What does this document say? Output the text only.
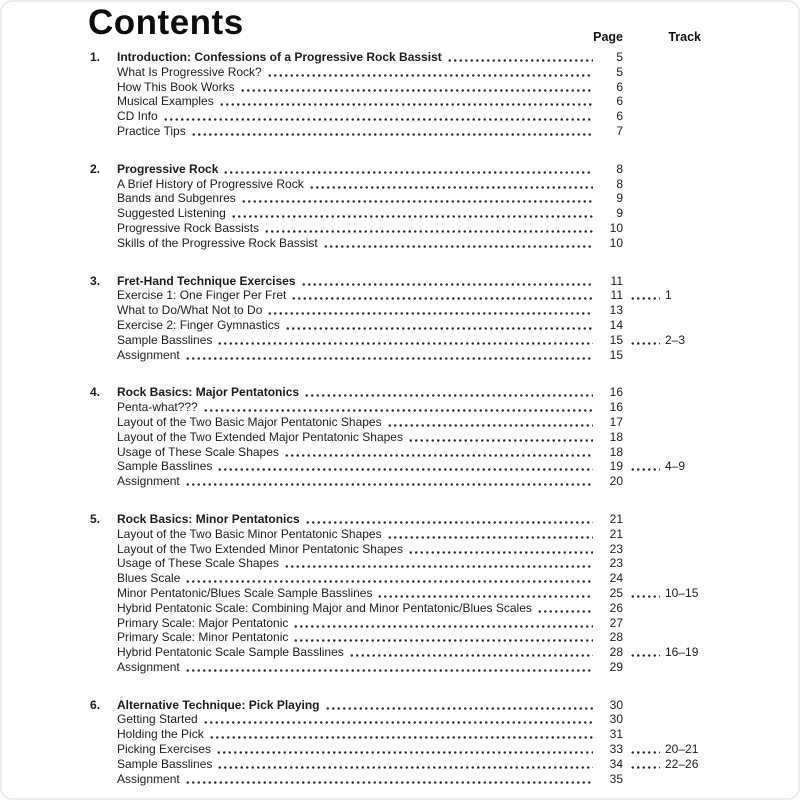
Contents	Page	Track
1.	Introduction: Confessions of a Progressive Rock Bassist	5
What Is Progressive Rock?	5
How This Book Works	6
Musical Examples	6
CD Info	6
Practice Tips	7
2.	Progressive Rock	8
A Brief History of Progressive Rock	8
Bands and Subgenres	9
Suggested Listening	9
Progressive Rock Bassists	10
Skills of the Progressive Rock Bassist	10
3.	Fret-Hand Technique Exercises	11
Exercise 1: One Finger Per Fret	11	1
What to Do/What Not to Do	13
Exercise 2: Finger Gymnastics	14
Sample Basslines	15	2–3
Assignment	15
4.	Rock Basics: Major Pentatonics	16
Penta-what???	16
Layout of the Two Basic Major Pentatonic Shapes	17
Layout of the Two Extended Major Pentatonic Shapes	18
Usage of These Scale Shapes	18
Sample Basslines	19	4–9
Assignment	20
5.	Rock Basics: Minor Pentatonics	21
Layout of the Two Basic Minor Pentatonic Shapes	21
Layout of the Two Extended Minor Pentatonic Shapes	23
Usage of These Scale Shapes	23
Blues Scale	24
Minor Pentatonic/Blues Scale Sample Basslines	25	10–15
Hybrid Pentatonic Scale: Combining Major and Minor Pentatonic/Blues Scales	26
Primary Scale: Major Pentatonic	27
Primary Scale: Minor Pentatonic	28
Hybrid Pentatonic Scale Sample Basslines	28	16–19
Assignment	29
6.	Alternative Technique: Pick Playing	30
Getting Started	30
Holding the Pick	31
Picking Exercises	33	20–21
Sample Basslines	34	22–26
Assignment	35
